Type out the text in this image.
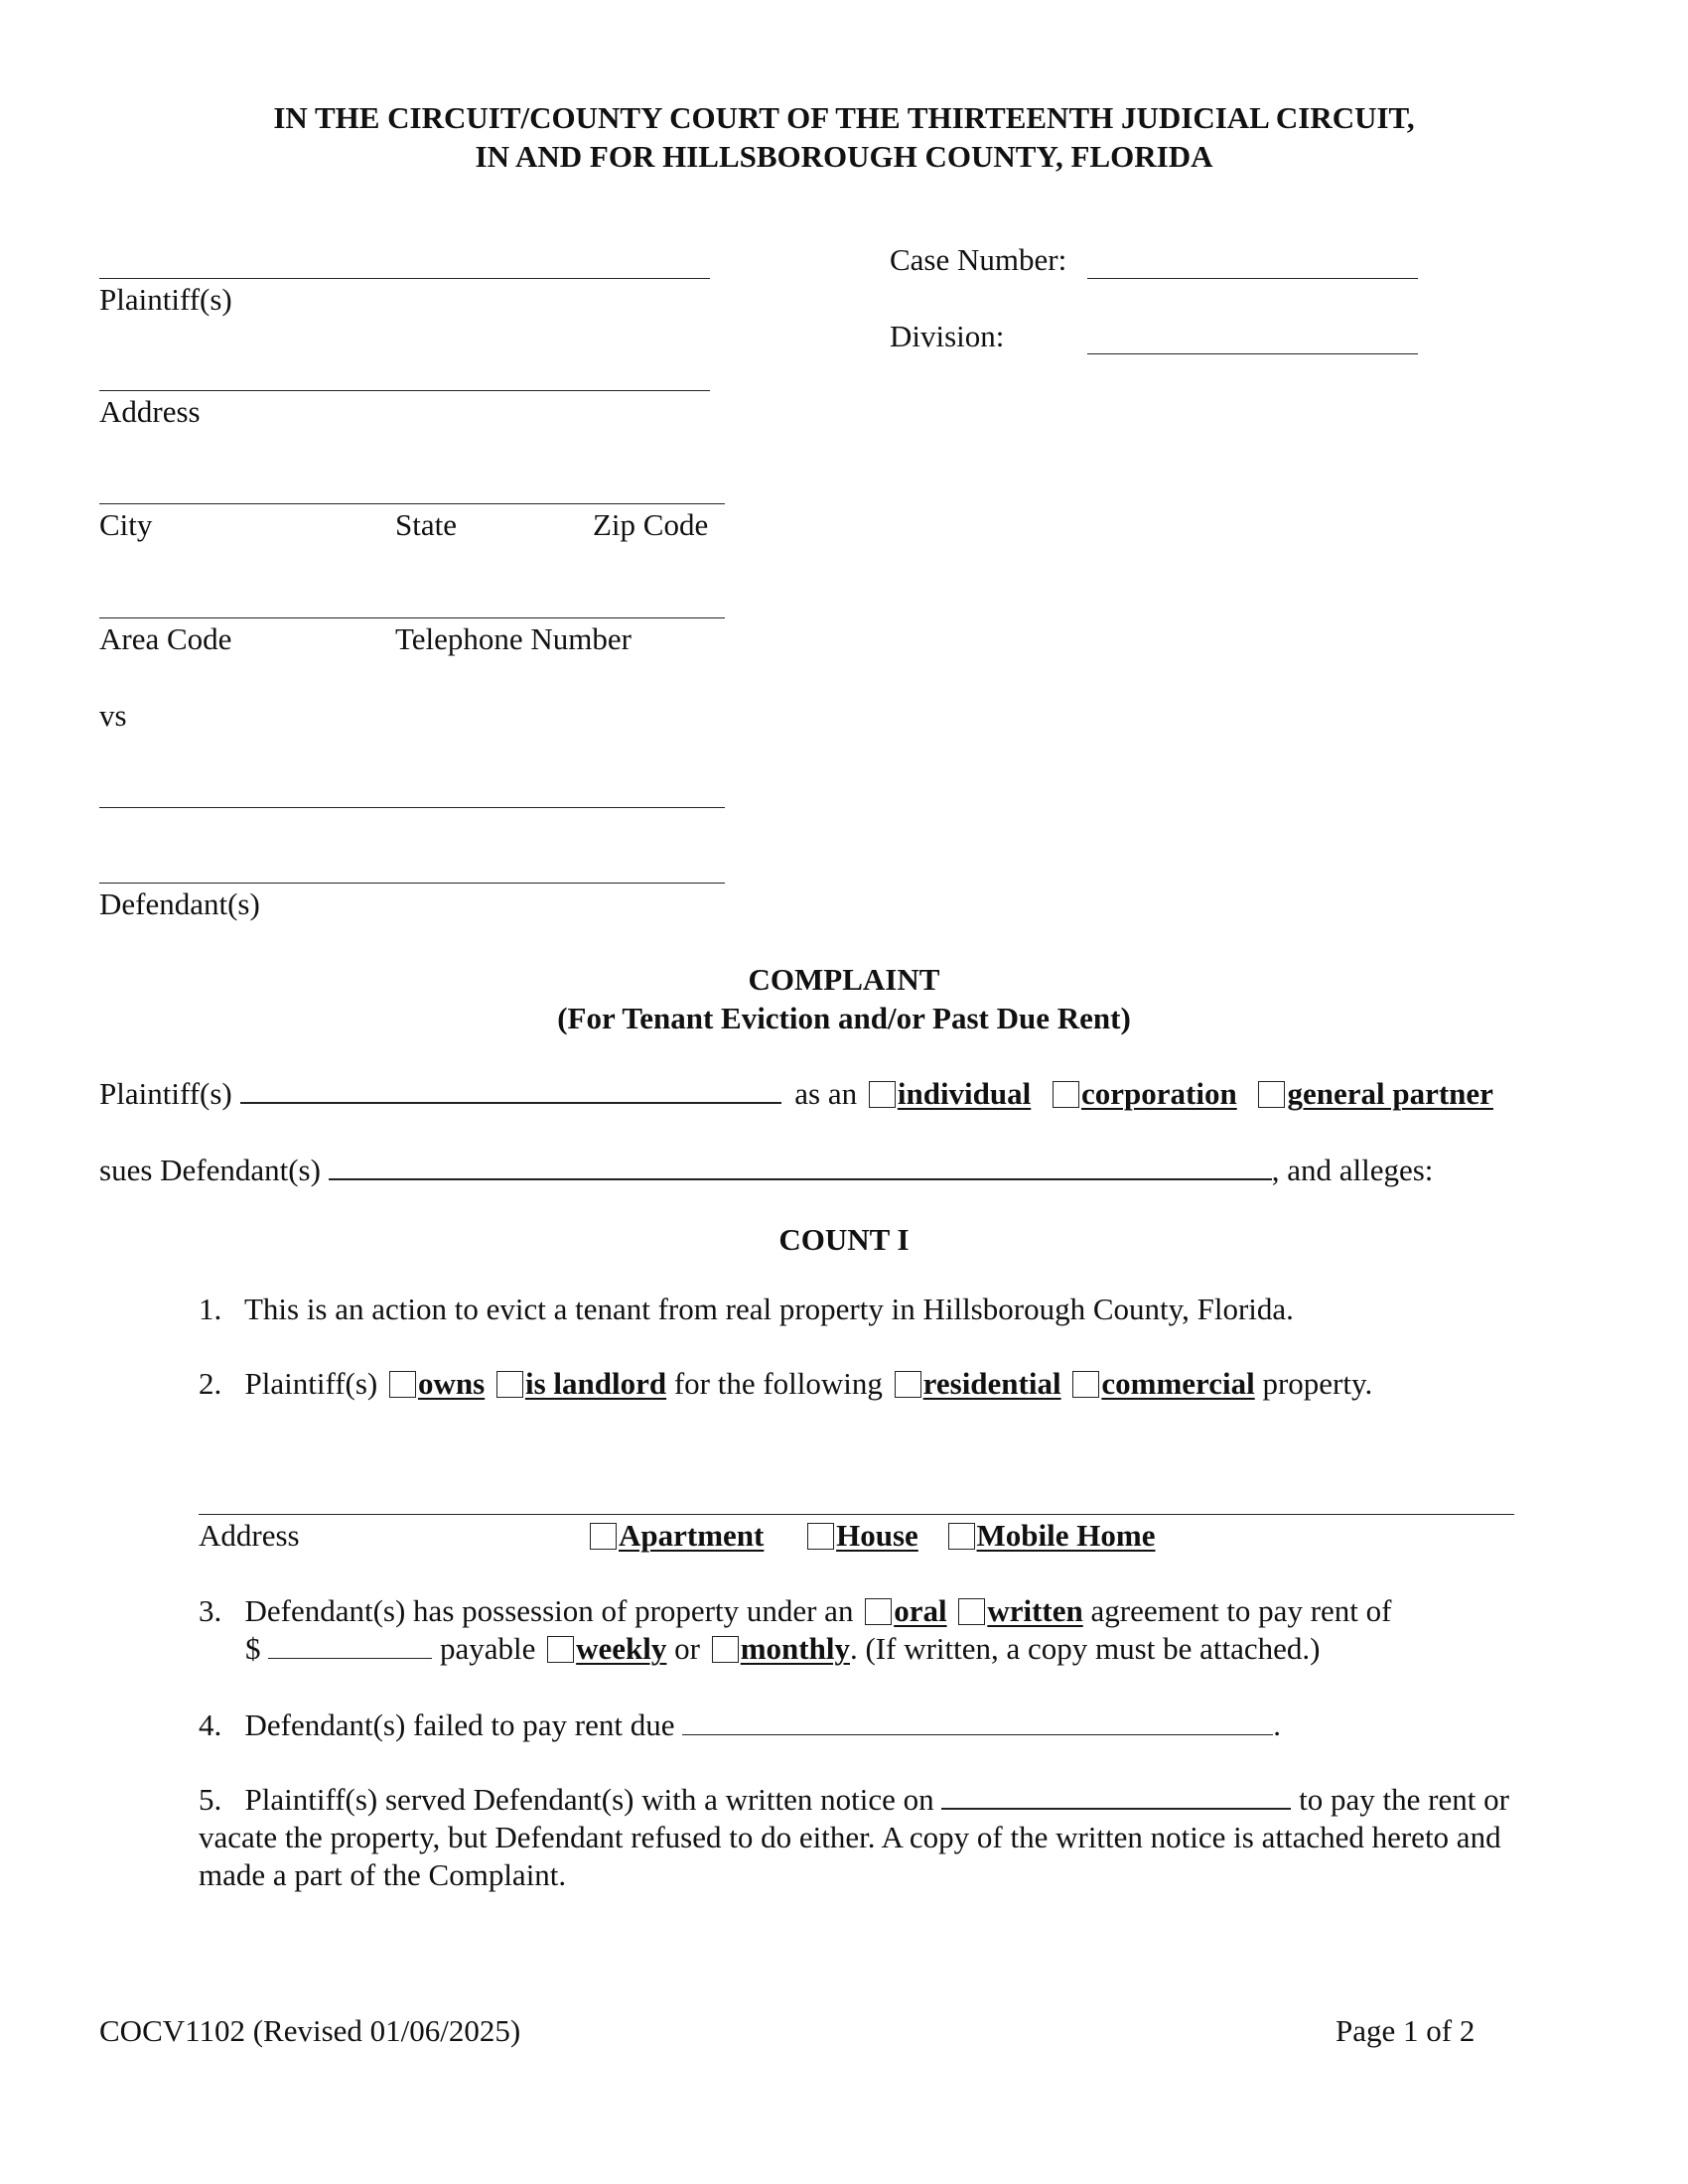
IN THE CIRCUIT/COUNTY COURT OF THE THIRTEENTH JUDICIAL CIRCUIT,
IN AND FOR HILLSBOROUGH COUNTY, FLORIDA
Plaintiff(s)
Address
City	State	Zip Code
Area Code	Telephone Number
vs
Defendant(s)
Case Number:
Division:
COMPLAINT
(For Tenant Eviction and/or Past Due Rent)
Plaintiff(s)	as an individual corporation general partner
sues Defendant(s)	, and alleges:
COUNT I
1. This is an action to evict a tenant from real property in Hillsborough County, Florida.
2. Plaintiff(s) owns is landlord for the following residential commercial property.
Address	Apartment House Mobile Home
3. Defendant(s) has possession of property under an oral written agreement to pay rent of
$	payable weekly or monthly. (If written, a copy must be attached.)
4. Defendant(s) failed to pay rent due	.
5. Plaintiff(s) served Defendant(s) with a written notice on	to pay the rent or
vacate the property, but Defendant refused to do either. A copy of the written notice is attached hereto and
made a part of the Complaint.
COCV1102 (Revised 01/06/2025)	Page 1 of 2
